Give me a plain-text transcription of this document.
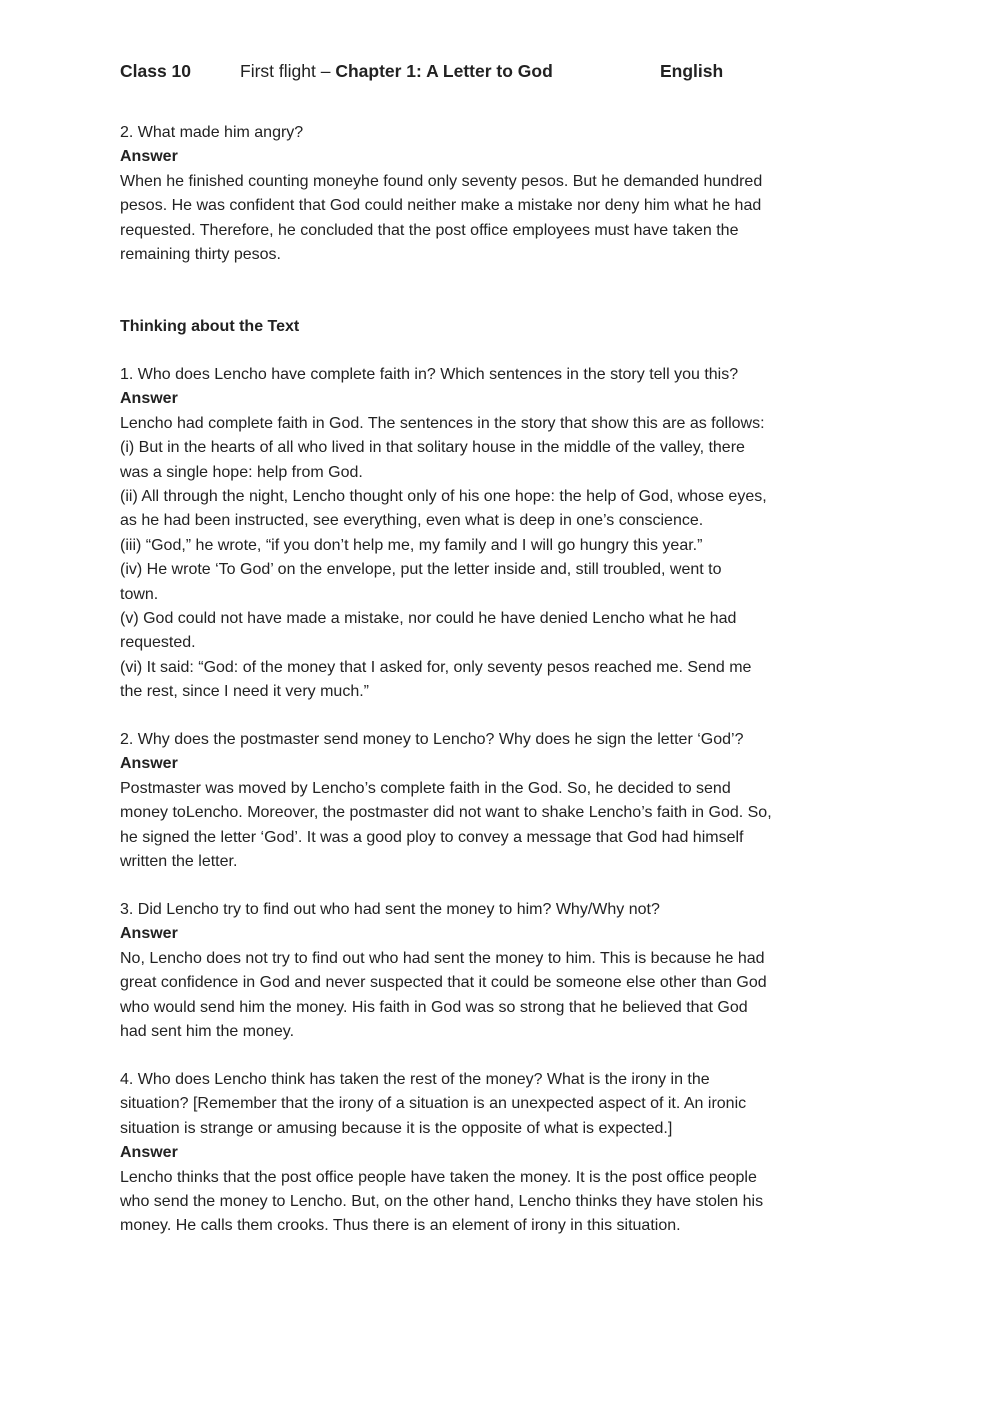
Class 10	First flight – Chapter 1: A Letter to God	English
2. What made him angry?
Answer
When he finished counting moneyhe found only seventy pesos. But he demanded hundred
pesos. He was confident that God could neither make a mistake nor deny him what he had
requested. Therefore, he concluded that the post office employees must have taken the
remaining thirty pesos.
Thinking about the Text
1. Who does Lencho have complete faith in? Which sentences in the story tell you this?
Answer
Lencho had complete faith in God. The sentences in the story that show this are as follows:
(i) But in the hearts of all who lived in that solitary house in the middle of the valley, there
was a single hope: help from God.
(ii) All through the night, Lencho thought only of his one hope: the help of God, whose eyes,
as he had been instructed, see everything, even what is deep in one’s conscience.
(iii) “God,” he wrote, “if you don’t help me, my family and I will go hungry this year.”
(iv) He wrote ‘To God’ on the envelope, put the letter inside and, still troubled, went to
town.
(v) God could not have made a mistake, nor could he have denied Lencho what he had
requested.
(vi) It said: “God: of the money that I asked for, only seventy pesos reached me. Send me
the rest, since I need it very much.”
2. Why does the postmaster send money to Lencho? Why does he sign the letter ‘God’?
Answer
Postmaster was moved by Lencho’s complete faith in the God. So, he decided to send
money toLencho. Moreover, the postmaster did not want to shake Lencho’s faith in God. So,
he signed the letter ‘God’. It was a good ploy to convey a message that God had himself
written the letter.
3. Did Lencho try to find out who had sent the money to him? Why/Why not?
Answer
No, Lencho does not try to find out who had sent the money to him. This is because he had
great confidence in God and never suspected that it could be someone else other than God
who would send him the money. His faith in God was so strong that he believed that God
had sent him the money.
4. Who does Lencho think has taken the rest of the money? What is the irony in the
situation? [Remember that the irony of a situation is an unexpected aspect of it. An ironic
situation is strange or amusing because it is the opposite of what is expected.]
Answer
Lencho thinks that the post office people have taken the money. It is the post office people
who send the money to Lencho. But, on the other hand, Lencho thinks they have stolen his
money. He calls them crooks. Thus there is an element of irony in this situation.
